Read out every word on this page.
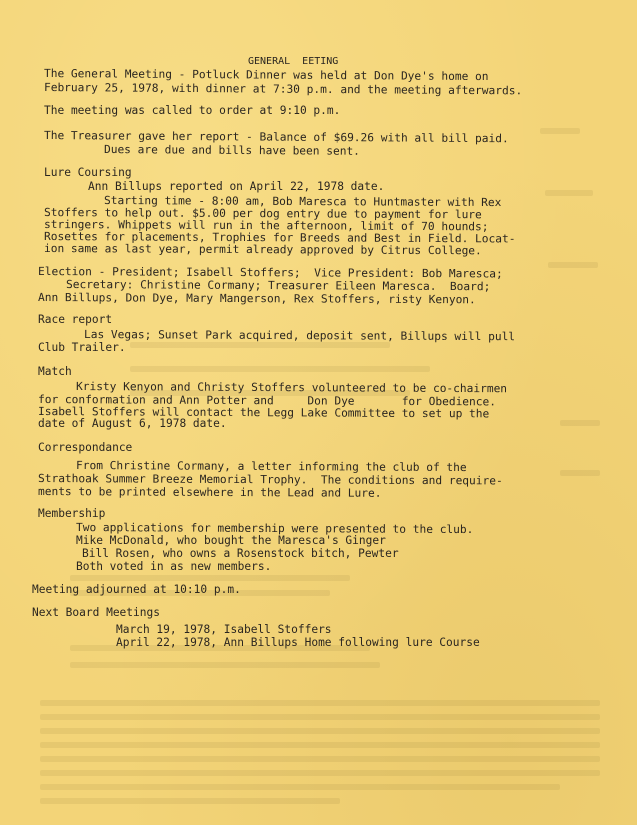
GENERAL  EETING
The General Meeting - Potluck Dinner was held at Don Dye's home on
February 25, 1978, with dinner at 7:30 p.m. and the meeting afterwards.
The meeting was called to order at 9:10 p.m.
The Treasurer gave her report - Balance of $69.26 with all bill paid.
Dues are due and bills have been sent.
Lure Coursing
Ann Billups reported on April 22, 1978 date.
Starting time - 8:00 am, Bob Maresca to Huntmaster with Rex
Stoffers to help out. $5.00 per dog entry due to payment for lure
stringers. Whippets will run in the afternoon, limit of 70 hounds;
Rosettes for placements, Trophies for Breeds and Best in Field. Locat-
ion same as last year, permit already approved by Citrus College.
Election - President; Isabell Stoffers;  Vice President: Bob Maresca;
Secretary: Christine Cormany; Treasurer Eileen Maresca.  Board;
Ann Billups, Don Dye, Mary Mangerson, Rex Stoffers, risty Kenyon.
Race report
Las Vegas; Sunset Park acquired, deposit sent, Billups will pull
Club Trailer.
Match
Kristy Kenyon and Christy Stoffers volunteered to be co-chairmen
for conformation and Ann Potter and     Don Dye       for Obedience.
Isabell Stoffers will contact the Legg Lake Committee to set up the
date of August 6, 1978 date.
Correspondance
From Christine Cormany, a letter informing the club of the
Strathoak Summer Breeze Memorial Trophy.  The conditions and require-
ments to be printed elsewhere in the Lead and Lure.
Membership
Two applications for membership were presented to the club.
Mike McDonald, who bought the Maresca's Ginger
Bill Rosen, who owns a Rosenstock bitch, Pewter
Both voted in as new members.
Meeting adjourned at 10:10 p.m.
Next Board Meetings
March 19, 1978, Isabell Stoffers
April 22, 1978, Ann Billups Home following lure Course
